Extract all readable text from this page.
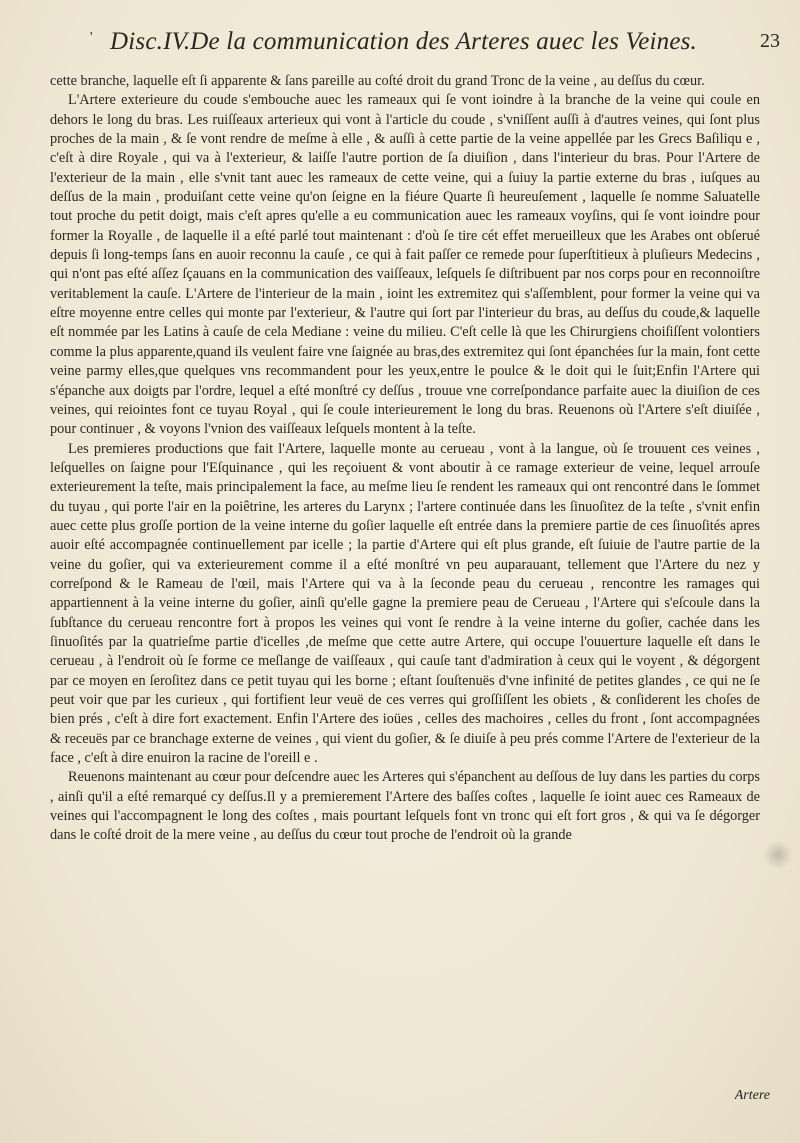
' Disc.IV.De la communication des Arteres auec les Veines.	23

cette branche, laquelle eſt ſi apparente & ſans pareille au coſté droit du grand Tronc de la veine , au deſſus du cœur.

L'Artere exterieure du coude s'embouche auec les rameaux qui ſe vont ioindre à la branche de la veine qui coule en dehors le long du bras. Les ruiſſeaux arterieux qui vont à l'article du coude , s'vniſſent auſſi à d'autres veines, qui ſont plus proches de la main , & ſe vont rendre de meſme à elle , & auſſi à cette partie de la veine appellée par les Grecs Baſiliqu e , c'eſt à dire Royale , qui va à l'exterieur, & laiſſe l'autre portion de ſa diuiſion , dans l'interieur du bras. Pour l'Artere de l'exterieur de la main , elle s'vnit tant auec les rameaux de cette veine, qui a ſuiuy la partie externe du bras , iuſques au deſſus de la main , produiſant cette veine qu'on ſeigne en la fiéure Quarte ſi heureuſement , laquelle ſe nomme Saluatelle tout proche du petit doigt, mais c'eſt apres qu'elle a eu communication auec les rameaux voyſins, qui ſe vont ioindre pour former la Royalle , de laquelle il a eſté parlé tout maintenant : d'où ſe tire cét effet merueilleux que les Arabes ont obſerué depuis ſi long-temps ſans en auoir reconnu la cauſe , ce qui à fait paſſer ce remede pour ſuperſtitieux à pluſieurs Medecins , qui n'ont pas eſté aſſez ſçauans en la communication des vaiſſeaux, leſquels ſe diſtribuent par nos corps pour en reconnoiſtre veritablement la cauſe. L'Artere de l'interieur de la main , ioint les extremitez qui s'aſſemblent, pour former la veine qui va eſtre moyenne entre celles qui monte par l'exterieur, & l'autre qui ſort par l'interieur du bras, au deſſus du coude,& laquelle eſt nommée par les Latins à cauſe de cela Mediane : veine du milieu. C'eſt celle là que les Chirurgiens choiſiſſent volontiers comme la plus apparente,quand ils veulent faire vne ſaignée au bras,des extremitez qui ſont épanchées ſur la main, font cette veine parmy elles,que quelques vns recommandent pour les yeux,entre le poulce & le doit qui le ſuit;Enfin l'Artere qui s'épanche aux doigts par l'ordre, lequel a eſté monſtré cy deſſus , trouue vne correſpondance parfaite auec la diuiſion de ces veines, qui reiointes font ce tuyau Royal , qui ſe coule interieurement le long du bras. Reuenons où l'Artere s'eſt diuiſée , pour continuer , & voyons l'vnion des vaiſſeaux leſquels montent à la teſte.

Les premieres productions que fait l'Artere, laquelle monte au cerueau , vont à la langue, où ſe trouuent ces veines , leſquelles on ſaigne pour l'Eſquinance , qui les reçoiuent & vont aboutir à ce ramage exterieur de veine, lequel arrouſe exterieurement la teſte, mais principalement la face, au meſme lieu ſe rendent les rameaux qui ont rencontré dans le ſommet du tuyau , qui porte l'air en la poiêtrine, les arteres du Larynx ; l'artere continuée dans les ſinuoſitez de la teſte , s'vnit enfin auec cette plus groſſe portion de la veine interne du goſier laquelle eſt entrée dans la premiere partie de ces ſinuoſités apres auoir eſté accompagnée continuellement par icelle ; la partie d'Artere qui eſt plus grande, eſt ſuiuie de l'autre partie de la veine du goſier, qui va exterieurement comme il a eſté monſtré vn peu auparauant, tellement que l'Artere du nez y correſpond & le Rameau de l'œil, mais l'Artere qui va à la ſeconde peau du cerueau , rencontre les ramages qui appartiennent à la veine interne du goſier, ainſi qu'elle gagne la premiere peau de Cerueau , l'Artere qui s'eſcoule dans la ſubſtance du cerueau rencontre fort à propos les veines qui vont ſe rendre à la veine interne du goſier, cachée dans les ſinuoſités par la quatrieſme partie d'icelles ,de meſme que cette autre Artere, qui occupe l'ouuerture laquelle eſt dans le cerueau , à l'endroit où ſe forme ce meſlange de vaiſſeaux , qui cauſe tant d'admiration à ceux qui le voyent , & dégorgent par ce moyen en ſeroſitez dans ce petit tuyau qui les borne ; eſtant ſouſtenuës d'vne infinité de petites glandes , ce qui ne ſe peut voir que par les curieux , qui fortifient leur veuë de ces verres qui groſſiſſent les obiets , & conſiderent les choſes de bien prés , c'eſt à dire fort exactement. Enfin l'Artere des ioües , celles des machoires , celles du front , ſont accompagnées & receuës par ce branchage externe de veines , qui vient du goſier, & ſe diuiſe à peu prés comme l'Artere de l'exterieur de la face , c'eſt à dire enuiron la racine de l'oreill e .

Reuenons maintenant au cœur pour deſcendre auec les Arteres qui s'épanchent au deſſous de luy dans les parties du corps , ainſi qu'il a eſté remarqué cy deſſus.Il y a premierement l'Artere des baſſes coſtes , laquelle ſe ioint auec ces Rameaux de veines qui l'accompagnent le long des coſtes , mais pourtant leſquels font vn tronc qui eſt fort gros , & qui va ſe dégorger dans le coſté droit de la mere veine , au deſſus du cœur tout proche de l'endroit où la grande

Artere
